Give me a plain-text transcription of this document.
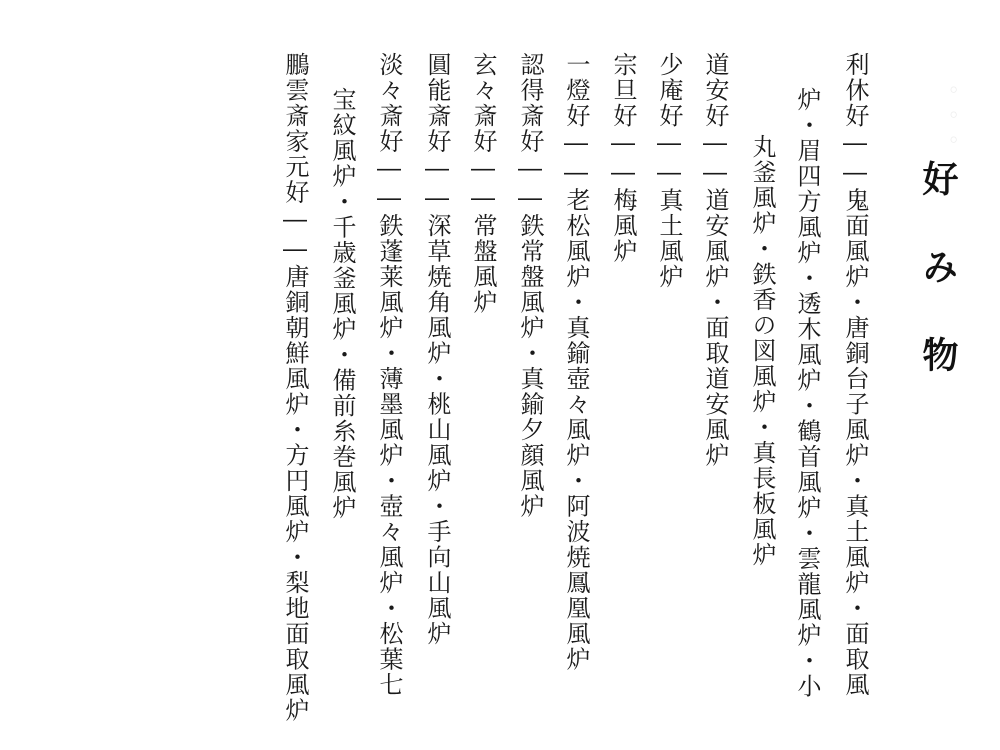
。。。
好み物
利休好――鬼面風炉・唐銅台子風炉・真土風炉・面取風
炉・眉四方風炉・透木風炉・鶴首風炉・雲龍風炉・小
丸釜風炉・鉄香の図風炉・真長板風炉
道安好――道安風炉・面取道安風炉
少庵好――真土風炉
宗旦好――梅風炉
一燈好――老松風炉・真鍮壺々風炉・阿波焼鳳凰風炉
認得斎好――鉄常盤風炉・真鍮夕顔風炉
玄々斎好――常盤風炉
圓能斎好――深草焼角風炉・桃山風炉・手向山風炉
淡々斎好――鉄蓬莱風炉・薄墨風炉・壺々風炉・松葉七
宝紋風炉・千歳釜風炉・備前糸巻風炉
鵬雲斎家元好――唐銅朝鮮風炉・方円風炉・梨地面取風炉
